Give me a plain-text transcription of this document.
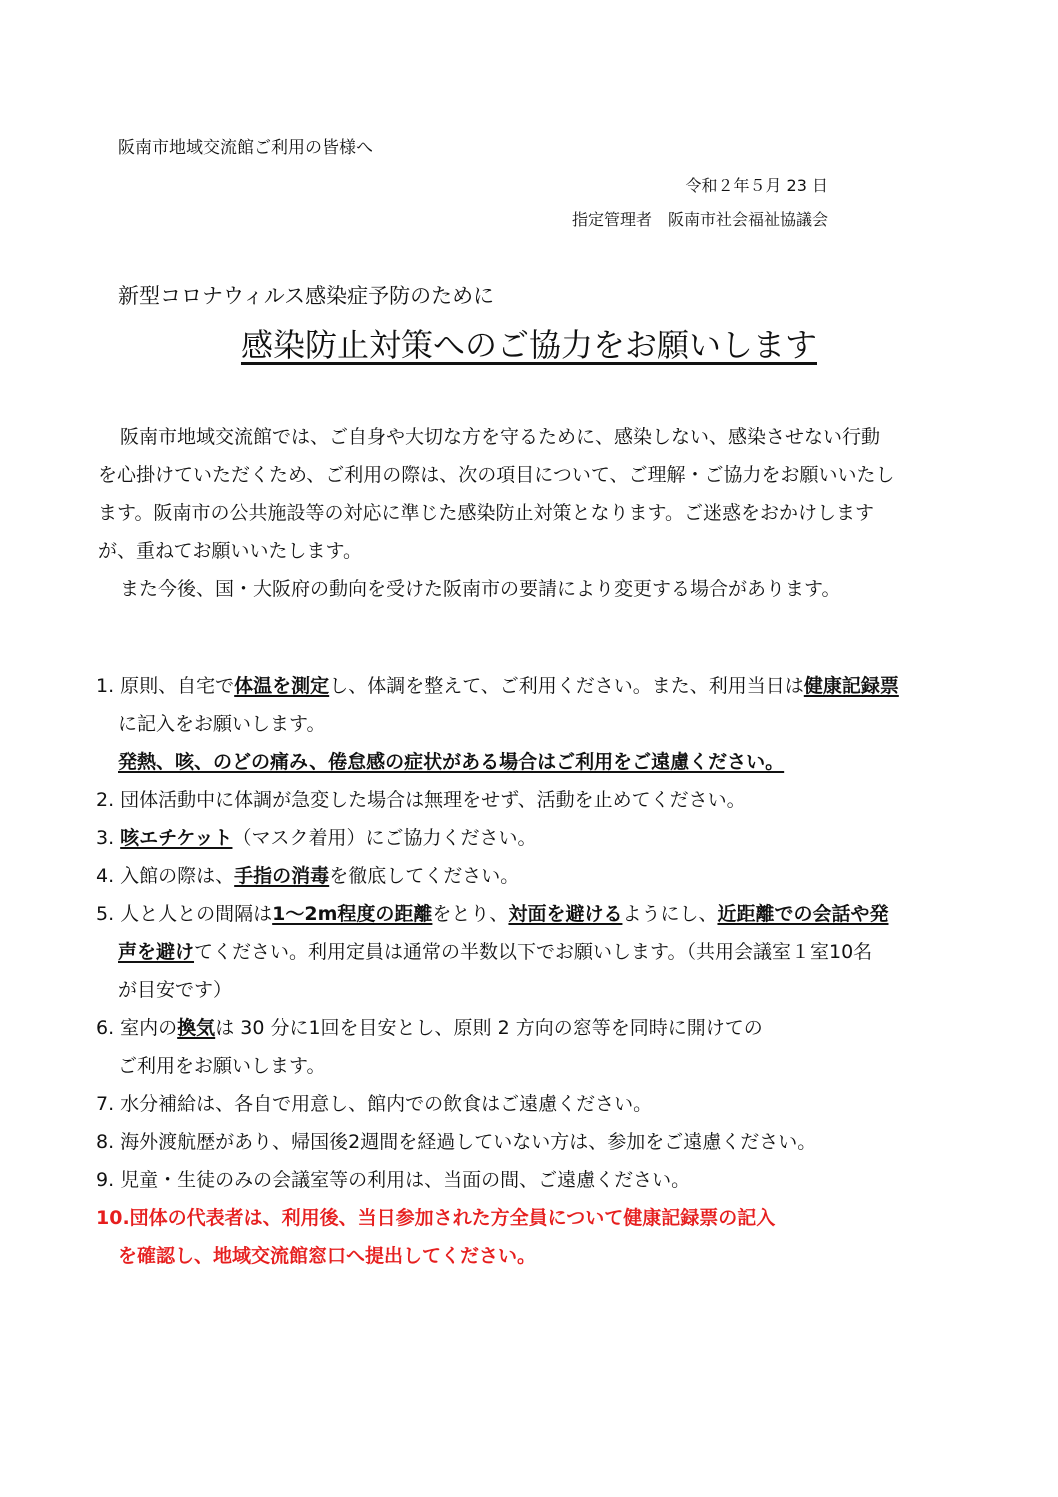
阪南市地域交流館ご利用の皆様へ
令和２年５月 23 日
指定管理者　阪南市社会福祉協議会
新型コロナウィルス感染症予防のために
感染防止対策へのご協力をお願いします
阪南市地域交流館では、ご自身や大切な方を守るために、感染しない、感染させない行動
を心掛けていただくため、ご利用の際は、次の項目について、ご理解・ご協力をお願いいたし
ます。阪南市の公共施設等の対応に準じた感染防止対策となります。ご迷惑をおかけします
が、重ねてお願いいたします。
また今後、国・大阪府の動向を受けた阪南市の要請により変更する場合があります。
1. 原則、自宅で体温を測定し、体調を整えて、ご利用ください。また、利用当日は健康記録票
に記入をお願いします。
発熱、咳、のどの痛み、倦怠感の症状がある場合はご利用をご遠慮ください。
2. 団体活動中に体調が急変した場合は無理をせず、活動を止めてください。
3. 咳エチケット（マスク着用）にご協力ください。
4. 入館の際は、手指の消毒を徹底してください。
5. 人と人との間隔は1～2m程度の距離をとり、対面を避けるようにし、近距離での会話や発
声を避けてください。利用定員は通常の半数以下でお願いします。（共用会議室１室10名
が目安です）
6. 室内の換気は 30 分に1回を目安とし、原則 2 方向の窓等を同時に開けての
ご利用をお願いします。
7. 水分補給は、各自で用意し、館内での飲食はご遠慮ください。
8. 海外渡航歴があり、帰国後2週間を経過していない方は、参加をご遠慮ください。
9. 児童・生徒のみの会議室等の利用は、当面の間、ご遠慮ください。
10.団体の代表者は、利用後、当日参加された方全員について健康記録票の記入
を確認し、地域交流館窓口へ提出してください。
